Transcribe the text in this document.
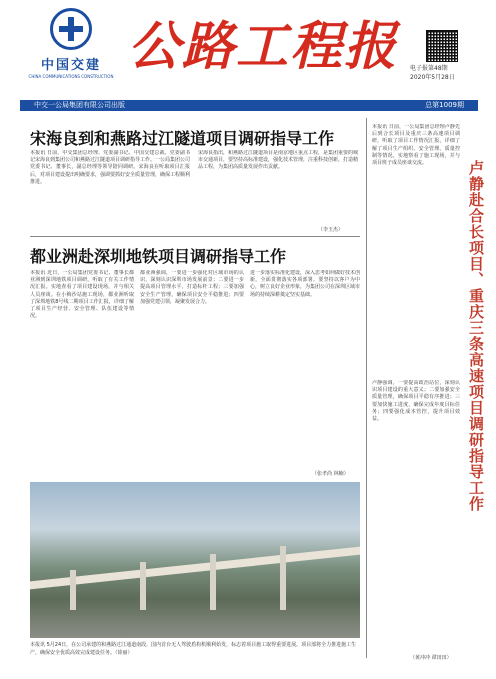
中国交建
CHINA COMMUNICATIONS CONSTRUCTION 公路工程报 电子报第48期
2020年5月28日
中交一公局集团有限公司出版	总第1009期
宋海良到和燕路过江隧道项目调研指导工作
本报讯 日前，中交集团总经理、党委副书记、中国交建总裁、党委副书记宋海良到集团公司和燕路过江隧道项目调研指导工作。一公局集团公司党委书记、董事长，副总经理等领导陪同调研。宋海良在听取项目汇报后，对项目建设提出明确要求，强调要抓好安全质量管理，确保工程顺利推进。
宋海良指出，和燕路过江隧道项目是南京地区重点工程，是集团重要的城市交通项目，要坚持高标准建设，强化技术管理，注重科技创新，打造精品工程，为集团高质量发展作出贡献。
（李玉杰）
都业洲赴深圳地铁项目调研指导工作
本报讯 近日，一公局集团党委书记、董事长都业洲到深圳地铁项目调研，听取了有关工作情况汇报。实地查看了项目建设现场，并与相关人员座谈。在小梅沙站施工现场，都业洲听取了深圳地铁8号线二期项目工作汇报，详细了解了项目生产经营、安全管理、队伍建设等情况。
都业洲强调，一要进一步强化对区域市场的认识，深刻认识深圳市场发展前景；二要进一步提高项目管理水平，打造标杆工程；三要加强安全生产管理，确保项目安全平稳推进；四要加强党建引领，凝聚发展合力。
进一步落实标准化建设，深入思考如何做好技术创新，全面贯彻落实各项部署。要坚持以客户为中心，树立良好企业形象，为集团公司在深圳区域市场的持续深耕奠定坚实基础。
（张孝尚 林楠）
本报讯 5月24日，在公司承建的和燕路过江通道南段，国内首台无人驾驶盾构机顺利始发，标志着项目施工取得重要进展。项目部将全力推进施工生产，确保安全优质高效完成建设任务。（徐丽）
本报讯 日前，一公局集团总经理卢静先后到合长项目及重庆三条高速项目调研，听取了项目工作情况汇报，详细了解了项目生产组织、安全管理、质量控制等情况，实地察看了施工现场，并与项目班子成员座谈交流。
卢静强调，一要提高政治站位，深刻认识项目建设的重大意义；二要加强安全质量管理，确保项目平稳有序推进；三要加快施工进度，确保完成年度目标任务；四要强化成本管控，提升项目效益。
（黄冲冲 谭田田）
卢静赴合长项目、重庆三条高速项目调研指导工作
